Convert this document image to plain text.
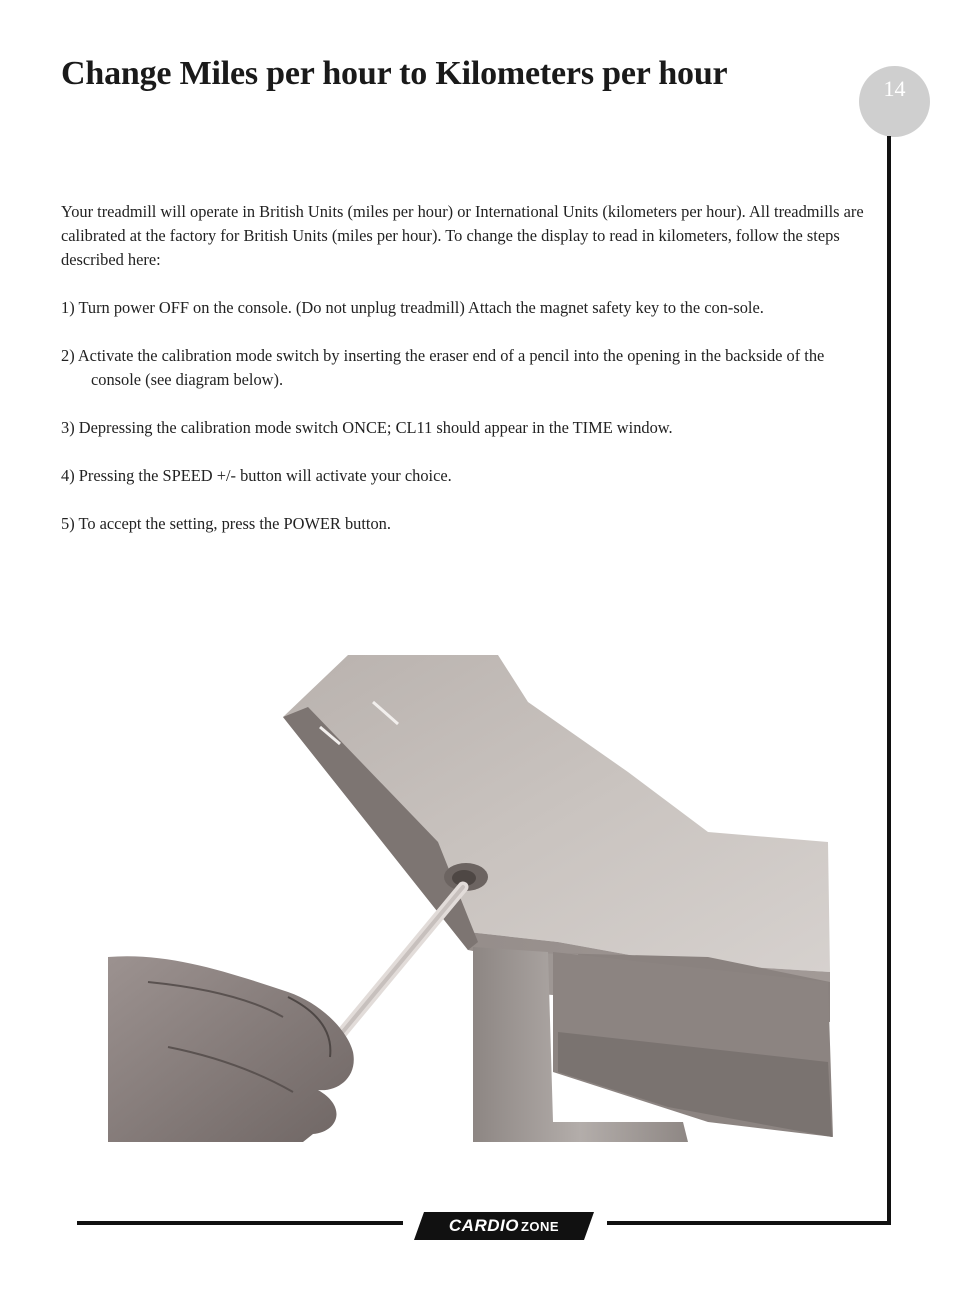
Change Miles per hour to Kilometers per hour	14

Your treadmill will operate in British Units (miles per hour) or International Units (kilometers per hour). All treadmills are calibrated at the factory for British Units (miles per hour). To change the display to read in kilometers, follow the steps described here:

1) Turn power OFF on the console. (Do not unplug treadmill) Attach the magnet safety key to the con-sole.

2) Activate the calibration mode switch by inserting the eraser end of a pencil into the opening in the backside of the console (see diagram below).

3) Depressing the calibration mode switch ONCE; CL11 should appear in the TIME window.

4) Pressing the SPEED +/- button will activate your choice.

5) To accept the setting, press the POWER button.

CARDIO ZONE
